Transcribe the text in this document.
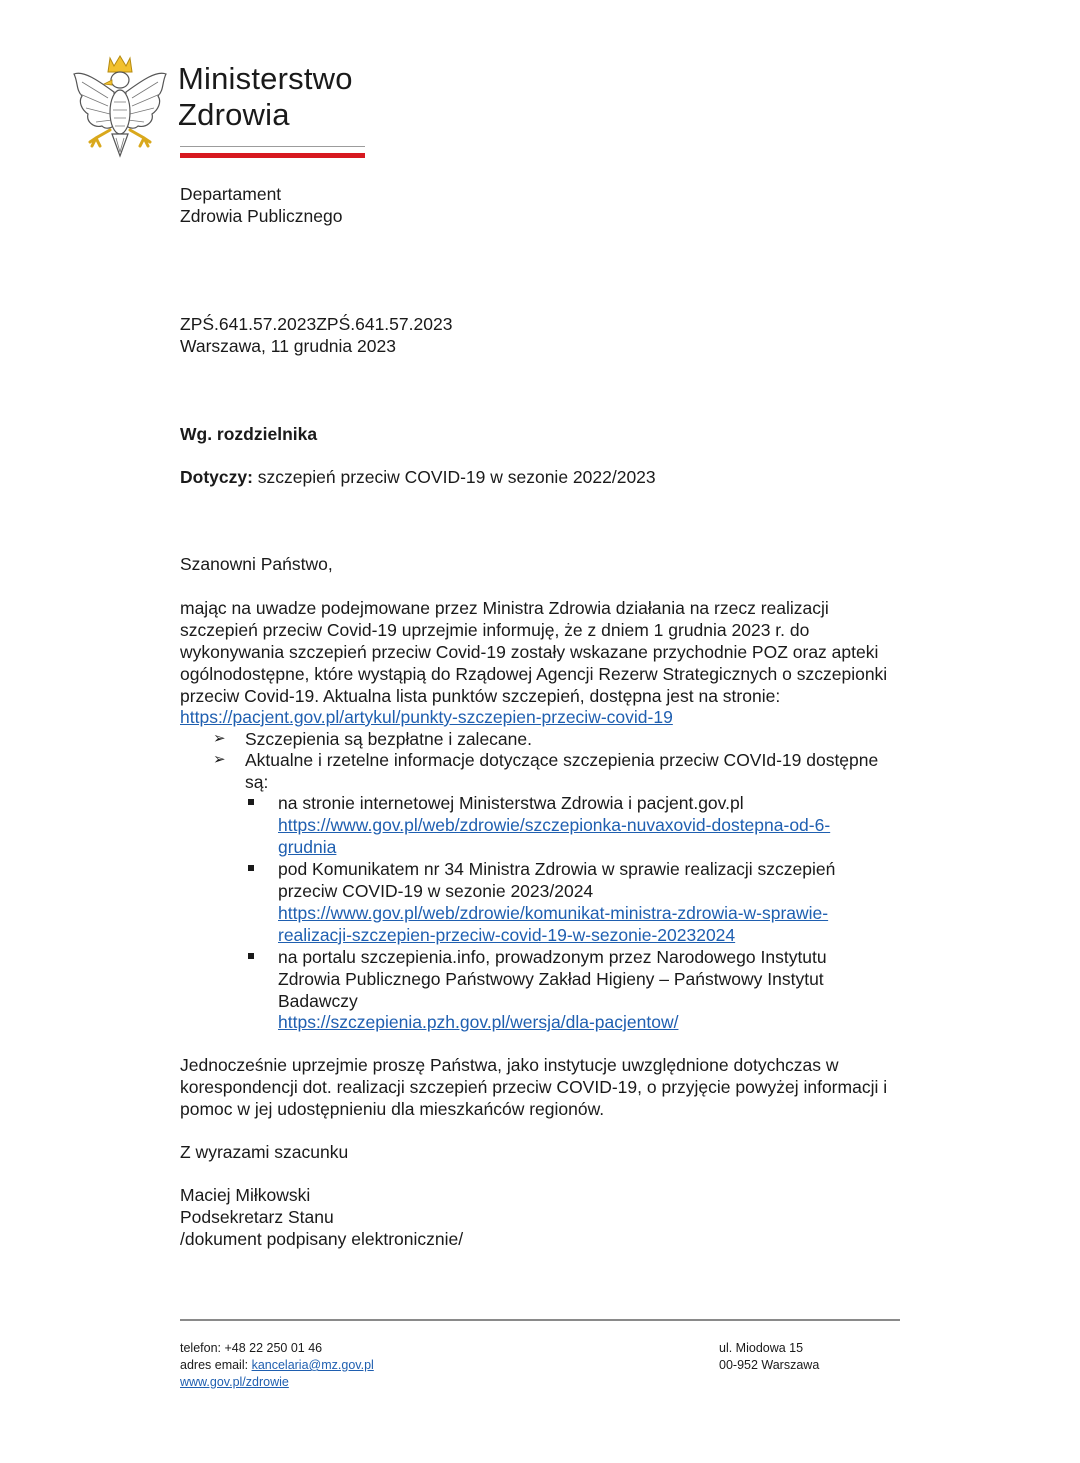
Ministerstwo
Zdrowia
Departament
Zdrowia Publicznego
ZPŚ.641.57.2023ZPŚ.641.57.2023
Warszawa, 11 grudnia 2023
Wg. rozdzielnika
Dotyczy: szczepień przeciw COVID-19 w sezonie 2022/2023
Szanowni Państwo,
mając na uwadze podejmowane przez Ministra Zdrowia działania na rzecz realizacji
szczepień przeciw Covid-19 uprzejmie informuję, że z dniem 1 grudnia 2023 r. do
wykonywania szczepień przeciw Covid-19 zostały wskazane przychodnie POZ oraz apteki
ogólnodostępne, które wystąpią do Rządowej Agencji Rezerw Strategicznych o szczepionki
przeciw Covid-19. Aktualna lista punktów szczepień, dostępna jest na stronie:
https://pacjent.gov.pl/artykul/punkty-szczepien-przeciw-covid-19
➢ Szczepienia są bezpłatne i zalecane.
➢ Aktualne i rzetelne informacje dotyczące szczepienia przeciw COVId-19 dostępne
są:
na stronie internetowej Ministerstwa Zdrowia i pacjent.gov.pl
https://www.gov.pl/web/zdrowie/szczepionka-nuvaxovid-dostepna-od-6-
grudnia
pod Komunikatem nr 34 Ministra Zdrowia w sprawie realizacji szczepień
przeciw COVID-19 w sezonie 2023/2024
https://www.gov.pl/web/zdrowie/komunikat-ministra-zdrowia-w-sprawie-
realizacji-szczepien-przeciw-covid-19-w-sezonie-20232024
na portalu szczepienia.info, prowadzonym przez Narodowego Instytutu
Zdrowia Publicznego Państwowy Zakład Higieny – Państwowy Instytut
Badawczy
https://szczepienia.pzh.gov.pl/wersja/dla-pacjentow/
Jednocześnie uprzejmie proszę Państwa, jako instytucje uwzględnione dotychczas w
korespondencji dot. realizacji szczepień przeciw COVID-19, o przyjęcie powyżej informacji i
pomoc w jej udostępnieniu dla mieszkańców regionów.
Z wyrazami szacunku
Maciej Miłkowski
Podsekretarz Stanu
/dokument podpisany elektronicznie/
telefon: +48 22 250 01 46
adres email: kancelaria@mz.gov.pl
www.gov.pl/zdrowie
ul. Miodowa 15
00-952 Warszawa
